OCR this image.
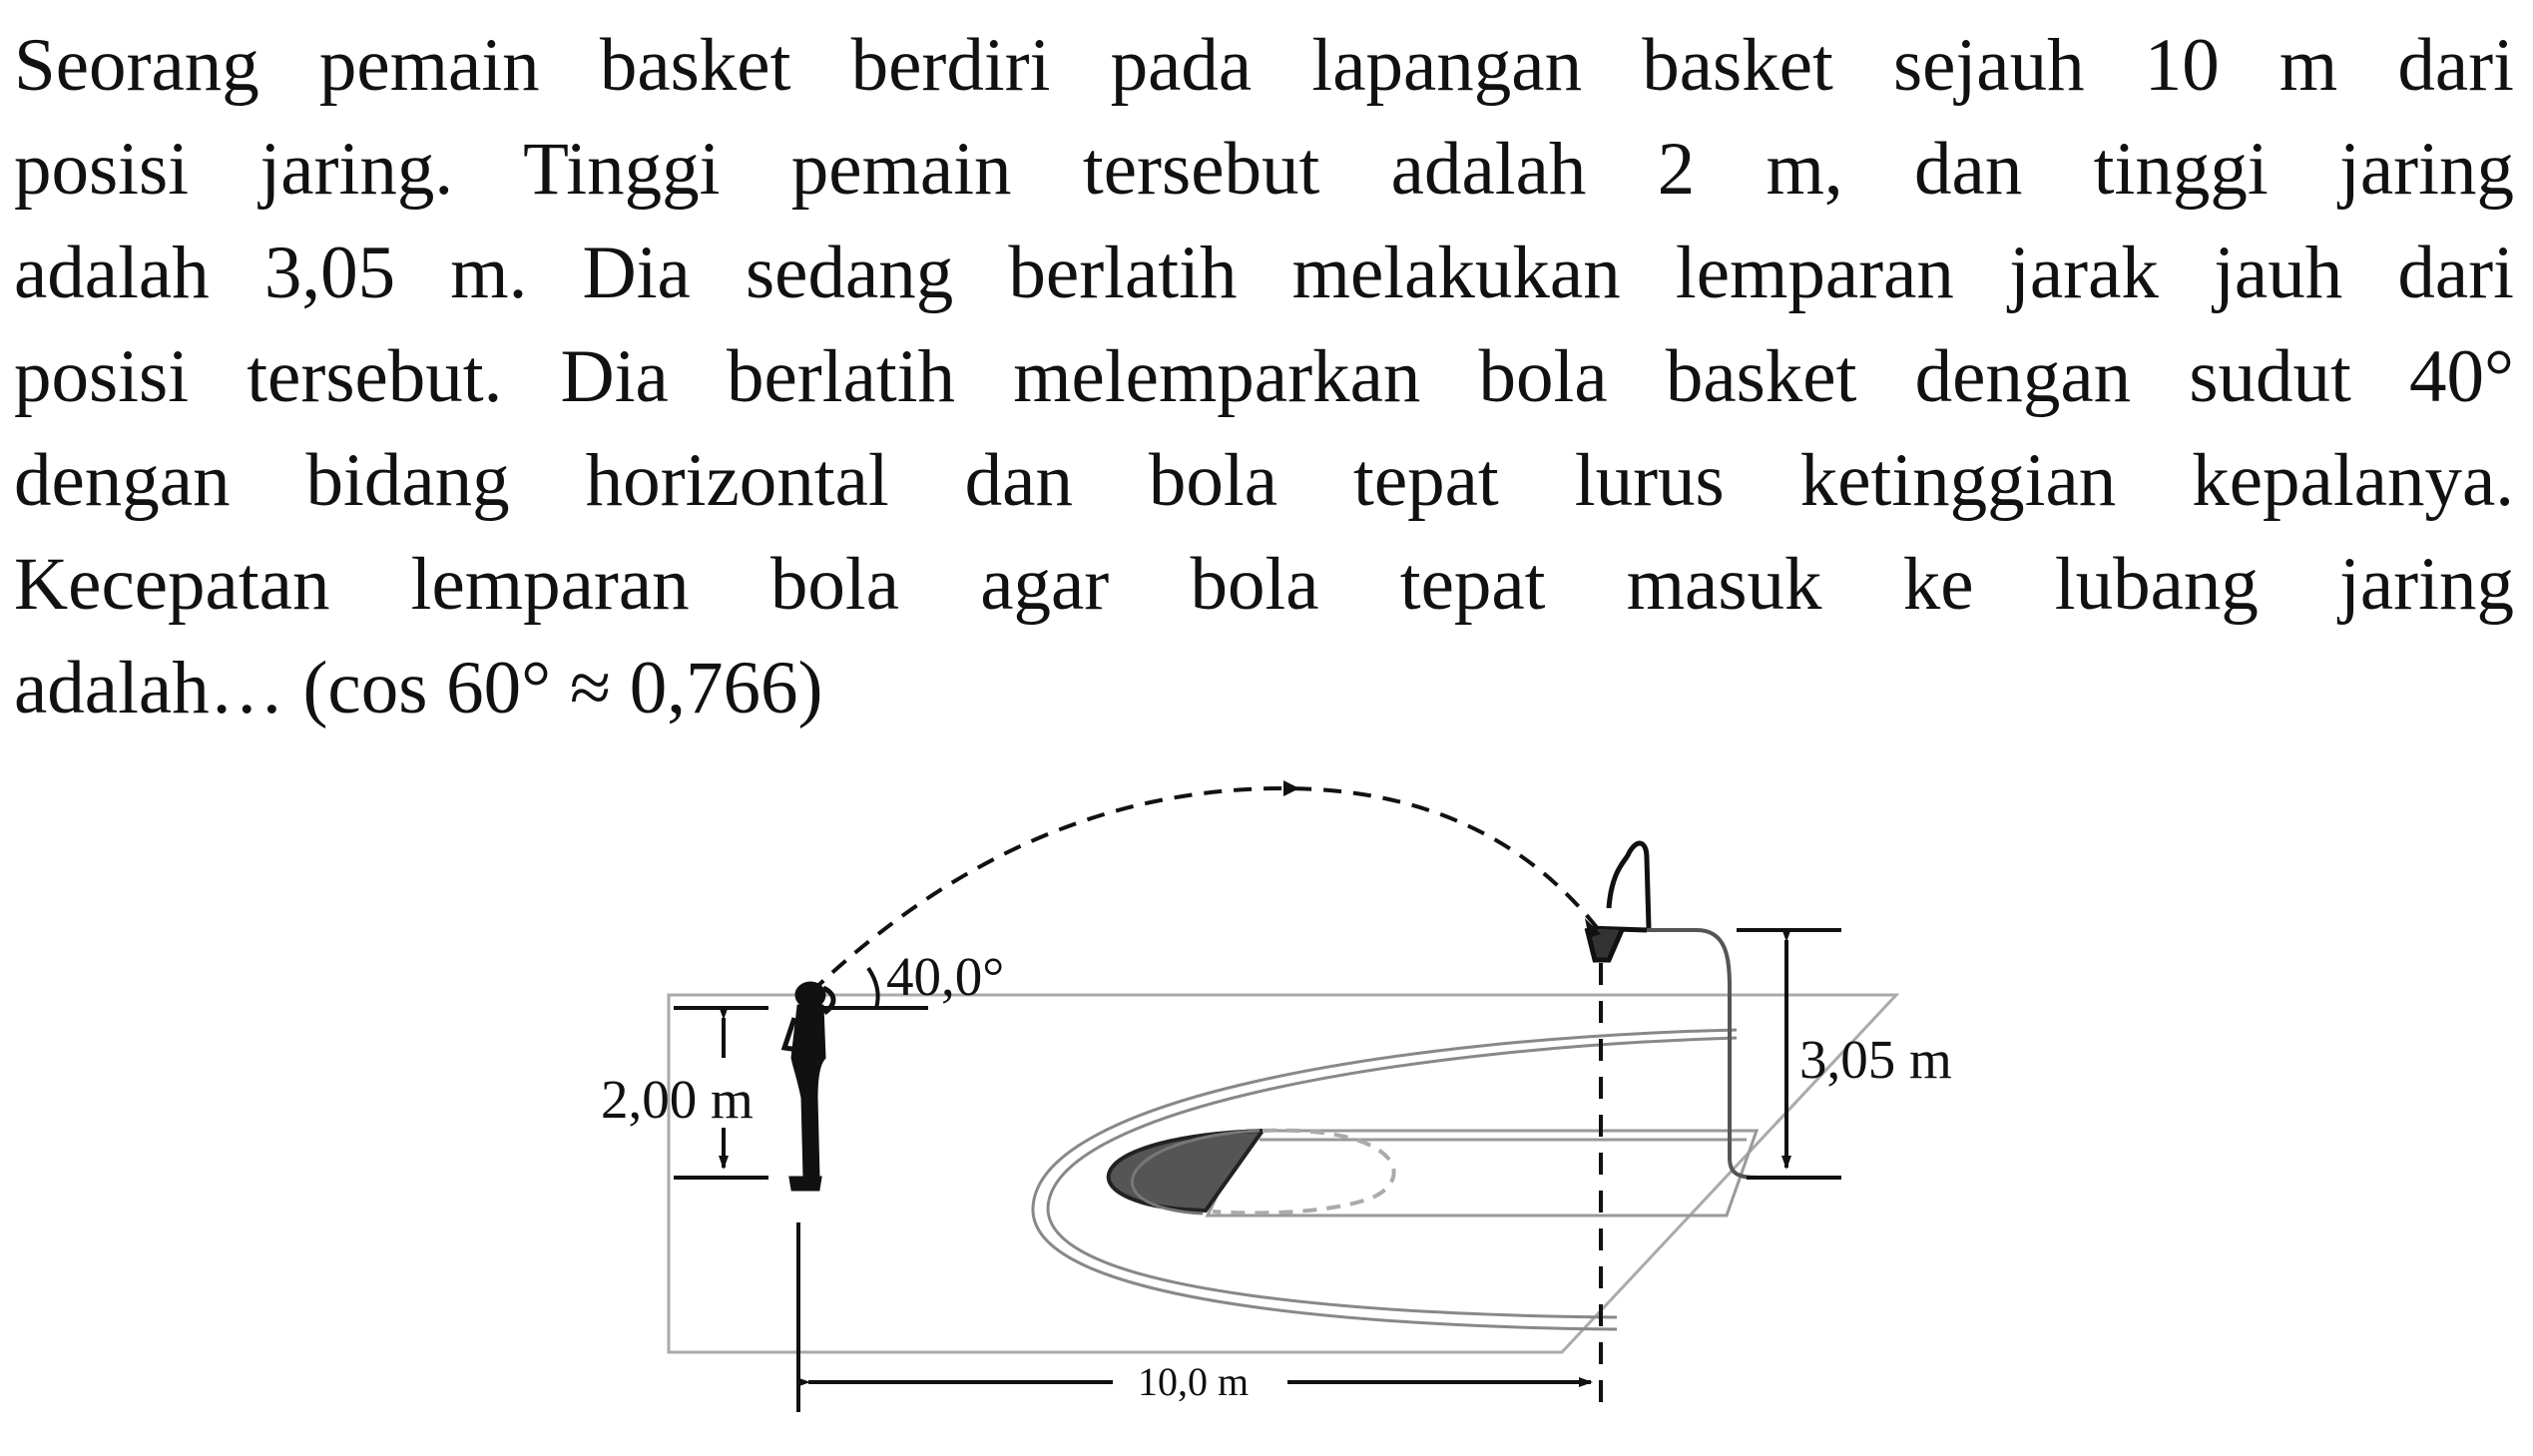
Seorang pemain basket berdiri pada lapangan basket sejauh 10 m dari
posisi jaring. Tinggi pemain tersebut adalah 2 m, dan tinggi jaring
adalah 3,05 m. Dia sedang berlatih melakukan lemparan jarak jauh dari
posisi tersebut. Dia berlatih melemparkan bola basket dengan sudut 40°
dengan bidang horizontal dan bola tepat lurus ketinggian kepalanya.
Kecepatan lemparan bola agar bola tepat masuk ke lubang jaring
adalah… (cos 60° ≈ 0,766)
40,0°
2,00 m
3,05 m
10,0 m
